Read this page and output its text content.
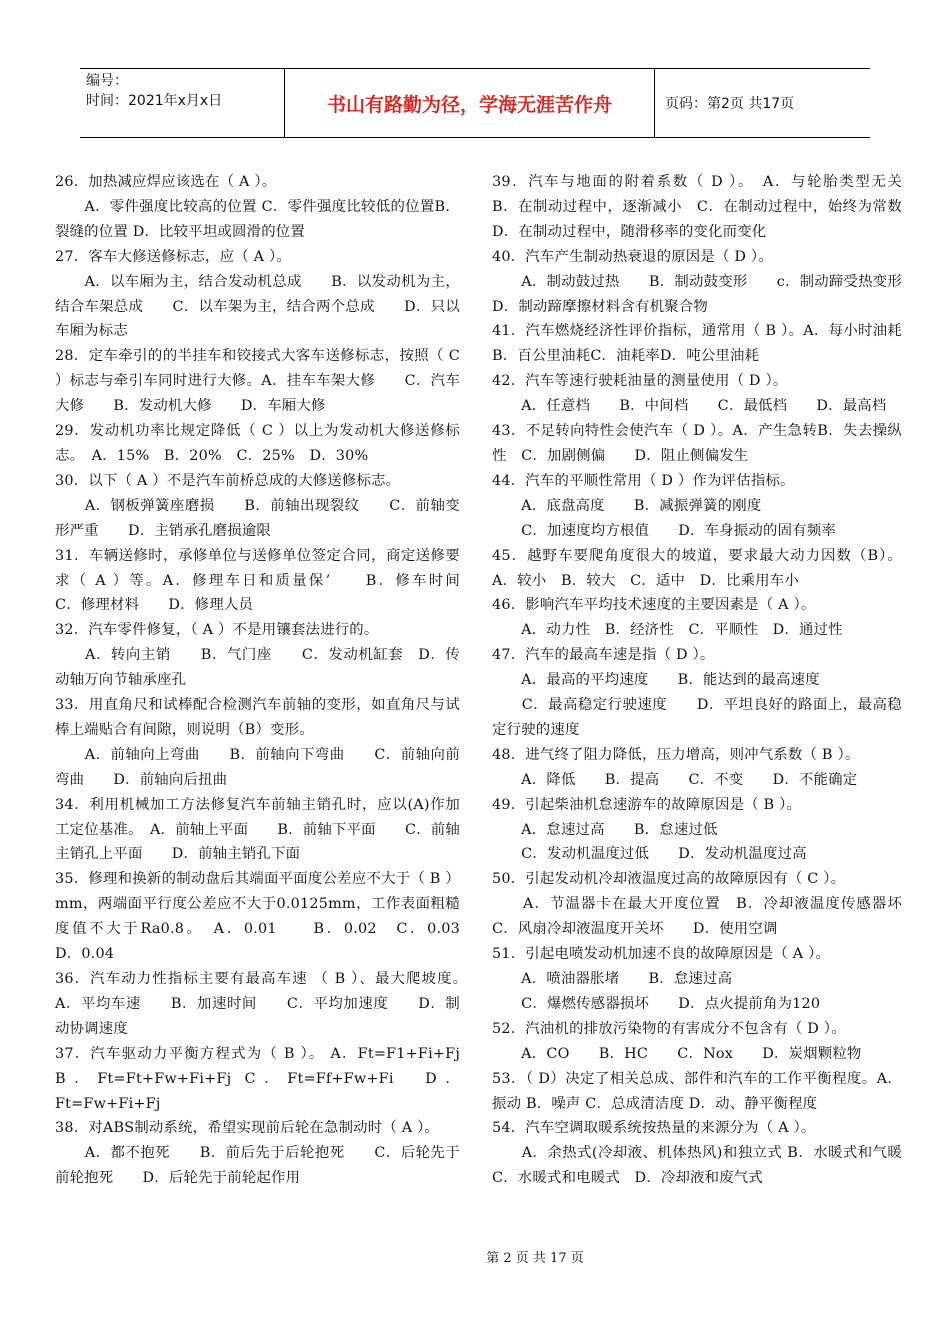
编号：
时间：2021年x月x日	书山有路勤为径，学海无涯苦作舟	页码：第2页 共17页
26．加热减应焊应该选在（ A ）。
　　A．零件强度比较高的位置 C．零件强度比较低的位置B．裂缝的位置 D．比较平坦或圆滑的位置
27．客车大修送修标志，应（ A ）。
　　A．以车厢为主，结合发动机总成　　B．以发动机为主，结合车架总成　　C．以车架为主，结合两个总成　　D．只以车厢为标志
28．定车牵引的的半挂车和铰接式大客车送修标志，按照（ C ）标志与牵引车同时进行大修。A．挂车车架大修　　C．汽车大修　　B．发动机大修　　D．车厢大修
29．发动机功率比规定降低（ C ）以上为发动机大修送修标志。　A．15%　B．20%　C．25%　D．30%
30．以下（ A ）不是汽车前桥总成的大修送修标志。
　　A．钢板弹簧座磨损　　B．前轴出现裂纹　　C．前轴变形严重　　D．主销承孔磨损逾限
31．车辆送修时，承修单位与送修单位签定合同，商定送修要求（ A ）等。A．修理车日和质量保’　　B．修车时间　　C．修理材料　　D．修理人员
32．汽车零件修复，（ A ）不是用镶套法进行的。
　　A．转向主销　　B．气门座　　C．发动机缸套　D．传动轴万向节轴承座孔
33．用直角尺和试棒配合检测汽车前轴的变形，如直角尺与试棒上端贴合有间隙，则说明（B）变形。
　　A．前轴向上弯曲　　B．前轴向下弯曲　　C．前轴向前弯曲　　D．前轴向后扭曲
34．利用机械加工方法修复汽车前轴主销孔时，应以(A)作加工定位基准。　A．前轴上平面　　B．前轴下平面　　C．前轴主销孔上平面　　D．前轴主销孔下面
35．修理和换新的制动盘后其端面平面度公差应不大于（ B ）mm，两端面平行度公差应不大于0.0125mm，工作表面粗糙度值不大于Ra0.8。　A．0.01　　B．0.02　C．0.03　　D．0.04
36．汽车动力性指标主要有最高车速 （ B ）、最大爬坡度。　A．平均车速　　B．加速时间　　C．平均加速度　　D．制动协调速度
37．汽车驱动力平衡方程式为（ B ）。 A．Ft=F1+Fi+Fj　B．Ft=Ft+Fw+Fi+Fj C．Ft=Ff+Fw+Fi　D．Ft=Fw+Fi+Fj
38．对ABS制动系统，希望实现前后轮在急制动时（ A ）。
　　A．都不抱死　　B．前后先于后轮抱死　　C．后轮先于前轮抱死　　D．后轮先于前轮起作用
39．汽车与地面的附着系数（ D ）。　A．与轮胎类型无关　B．在制动过程中，逐渐减小　C．在制动过程中，始终为常数　D．在制动过程中，随滑移率的变化而变化
40．汽车产生制动热衰退的原因是（ D ）。
　　A．制动鼓过热　　B．制动鼓变形　　c．制动蹄受热变形　D．制动蹄摩擦材料含有机聚合物
41．汽车燃烧经济性评价指标，通常用（ B ）。A．每小时油耗B．百公里油耗C．油耗率D．吨公里油耗
42．汽车等速行驶耗油量的测量使用（ D ）。
　　A．任意档　　B．中间档　　C．最低档　　D．最高档
43．不足转向特性会使汽车（ D ）。A．产生急转B．失去操纵性　C．加剧侧偏　　D．阻止侧偏发生
44．汽车的平顺性常用（ D ）作为评估指标。
　　A．底盘高度　　B．减振弹簧的刚度
　　C．加速度均方根值　　D．车身振动的固有频率
45．越野车要爬角度很大的坡道，要求最大动力因数（B）。A．较小　B．较大　C．适中　D．比乘用车小
46．影响汽车平均技术速度的主要因素是（ A ）。
　　A．动力性　B．经济性　C．平顺性　D．通过性
47．汽车的最高车速是指（ D ）。
　　A．最高的平均速度　　B．能达到的最高速度
　　C．最高稳定行驶速度　　D．平坦良好的路面上，最高稳定行驶的速度
48．进气终了阻力降低，压力增高，则冲气系数（ B ）。
　　A．降低　　B．提高　　C．不变　　D．不能确定
49．引起柴油机怠速游车的故障原因是（ B ）。
　　A．怠速过高　　B．怠速过低
　　C．发动机温度过低　　D．发动机温度过高
50．引起发动机冷却液温度过高的故障原因有（ C ）。
　　A．节温器卡在最大开度位置　B．冷却液温度传感器坏　C．风扇冷却液温度开关坏　　D．使用空调
51．引起电喷发动机加速不良的故障原因是（ A ）。
　　A．喷油器胀堵　　B．怠速过高
　　C．爆燃传感器损坏　　D．点火提前角为120
52．汽油机的排放污染物的有害成分不包含有（ D ）。
　　A．CO　　B．HC　　C．Nox　　D．炭烟颗粒物
53．（ D）决定了相关总成、部件和汽车的工作平衡程度。A．振动 B．噪声 C．总成清洁度 D．动、静平衡程度
54．汽车空调取暖系统按热量的来源分为（ A ）。
　　A．余热式(冷却液、机体热风)和独立式 B．水暖式和气暖C．水暖式和电暖式　D．冷却液和废气式
第 2 页 共 17 页
